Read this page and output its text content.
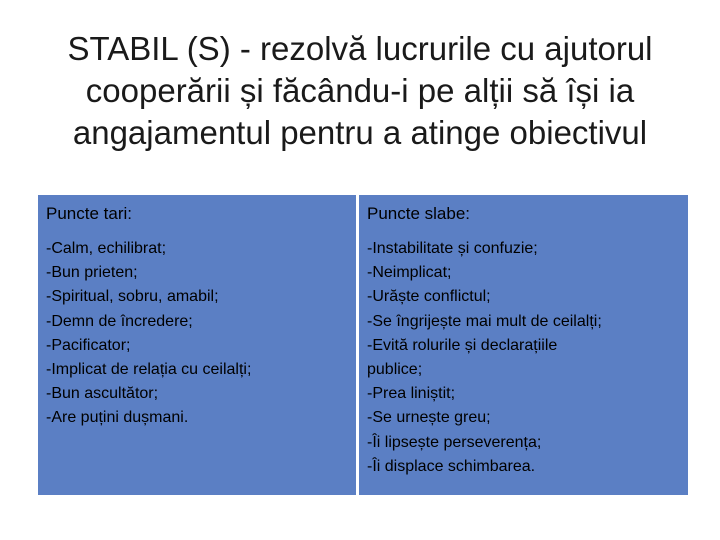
STABIL (S) - rezolvă lucrurile cu ajutorul cooperării și făcându-i pe alții să își ia angajamentul pentru a atinge obiectivul
Puncte tari:
-Calm, echilibrat;
-Bun prieten;
-Spiritual, sobru, amabil;
-Demn de încredere;
-Pacificator;
-Implicat de relația cu ceilalți;
-Bun ascultător;
-Are puțini dușmani.
Puncte slabe:
-Instabilitate și confuzie;
-Neimplicat;
-Urăște conflictul;
-Se îngrijește mai mult de ceilalți;
-Evită rolurile și declarațiile
publice;
-Prea liniștit;
-Se urnește greu;
-Îi lipsește perseverența;
-Îi displace schimbarea.
